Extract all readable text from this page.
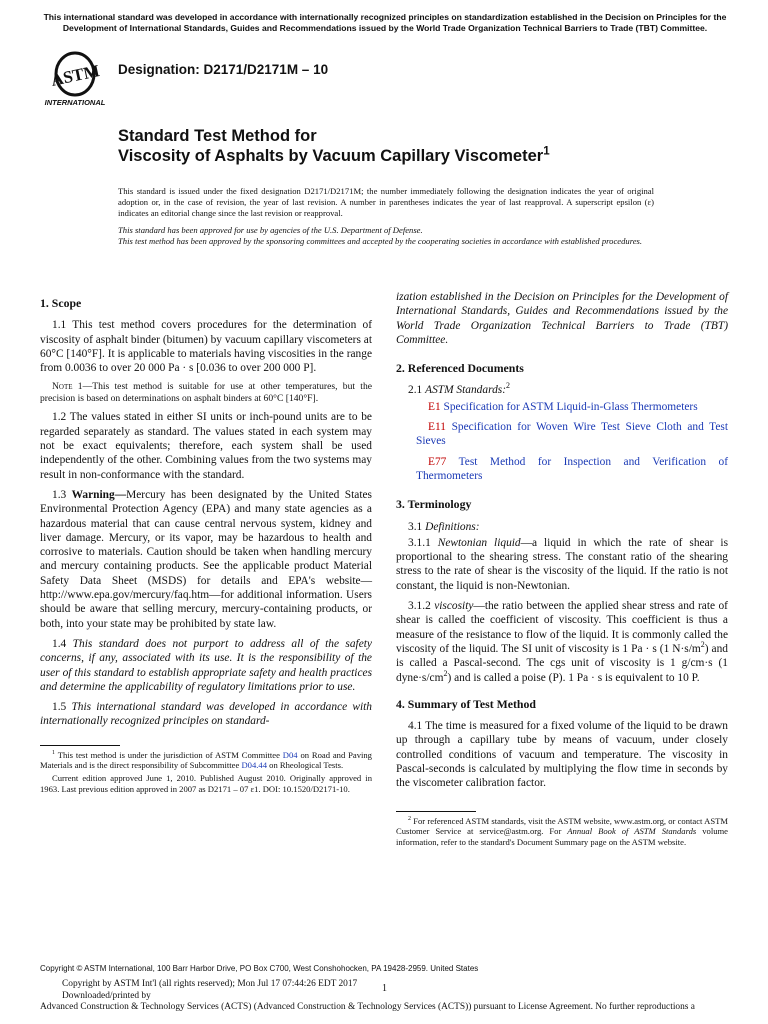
This international standard was developed in accordance with internationally recognized principles on standardization established in the Decision on Principles for the Development of International Standards, Guides and Recommendations issued by the World Trade Organization Technical Barriers to Trade (TBT) Committee.
ASTM
INTERNATIONAL
Designation: D2171/D2171M – 10
Standard Test Method for
Viscosity of Asphalts by Vacuum Capillary Viscometer$^1$

This standard is issued under the fixed designation D2171/D2171M; the number immediately following the designation indicates the year of original adoption or, in the case of revision, the year of last revision. A number in parentheses indicates the year of last reapproval. A superscript epsilon (ε) indicates an editorial change since the last revision or reapproval.

This standard has been approved for use by agencies of the U.S. Department of Defense.

This test method has been approved by the sponsoring committees and accepted by the cooperating societies in accordance with established procedures.

1. Scope

1.1 This test method covers procedures for the determination of viscosity of asphalt binder (bitumen) by vacuum capillary viscometers at 60°C [140°F]. It is applicable to materials having viscosities in the range from 0.0036 to over 20 000 Pa · s [0.036 to over 200 000 P].

Note 1—This test method is suitable for use at other temperatures, but the precision is based on determinations on asphalt binders at 60°C [140°F].

1.2 The values stated in either SI units or inch-pound units are to be regarded separately as standard. The values stated in each system may not be exact equivalents; therefore, each system shall be used independently of the other. Combining values from the two systems may result in non-conformance with the standard.

1.3 Warning—Mercury has been designated by the United States Environmental Protection Agency (EPA) and many state agencies as a hazardous material that can cause central nervous system, kidney and liver damage. Mercury, or its vapor, may be hazardous to health and corrosive to materials. Caution should be taken when handling mercury and mercury containing products. See the applicable product Material Safety Data Sheet (MSDS) for details and EPA's website—http://www.epa.gov/mercury/faq.htm—for additional information. Users should be aware that selling mercury, mercury-containing products, or both, into your state may be prohibited by state law.

1.4 This standard does not purport to address all of the safety concerns, if any, associated with its use. It is the responsibility of the user of this standard to establish appropriate safety and health practices and determine the applicability of regulatory limitations prior to use.

1.5 This international standard was developed in accordance with internationally recognized principles on standard-

$^1$ This test method is under the jurisdiction of ASTM Committee D04 on Road and Paving Materials and is the direct responsibility of Subcommittee D04.44 on Rheological Tests.

Current edition approved June 1, 2010. Published August 2010. Originally approved in 1963. Last previous edition approved in 2007 as D2171 – 07 ε1. DOI: 10.1520/D2171-10.

ization established in the Decision on Principles for the Development of International Standards, Guides and Recommendations issued by the World Trade Organization Technical Barriers to Trade (TBT) Committee.

2. Referenced Documents

2.1 ASTM Standards:$^2$

E1 Specification for ASTM Liquid-in-Glass Thermometers

E11 Specification for Woven Wire Test Sieve Cloth and Test Sieves

E77 Test Method for Inspection and Verification of Thermometers

3. Terminology

3.1 Definitions:

3.1.1 Newtonian liquid—a liquid in which the rate of shear is proportional to the shearing stress. The constant ratio of the shearing stress to the rate of shear is the viscosity of the liquid. If the ratio is not constant, the liquid is non-Newtonian.

3.1.2 viscosity—the ratio between the applied shear stress and rate of shear is called the coefficient of viscosity. This coefficient is thus a measure of the resistance to flow of the liquid. It is commonly called the viscosity of the liquid. The SI unit of viscosity is 1 Pa · s (1 $N\cdot s/m^2$) and is called a Pascal-second. The cgs unit of viscosity is 1 g/cm·s (1 $dyne\cdot s/cm^2$) and is called a poise (P). 1 Pa · s is equivalent to 10 P.

4. Summary of Test Method

4.1 The time is measured for a fixed volume of the liquid to be drawn up through a capillary tube by means of vacuum, under closely controlled conditions of vacuum and temperature. The viscosity in Pascal-seconds is calculated by multiplying the flow time in seconds by the viscometer calibration factor.

$^2$ For referenced ASTM standards, visit the ASTM website, www.astm.org, or contact ASTM Customer Service at service@astm.org. For Annual Book of ASTM Standards volume information, refer to the standard's Document Summary page on the ASTM website.

Copyright © ASTM International, 100 Barr Harbor Drive, PO Box C700, West Conshohocken, PA 19428-2959. United States
Copyright by ASTM Int'l (all rights reserved); Mon Jul 17 07:44:26 EDT 2017
Downloaded/printed by
Advanced Construction & Technology Services (ACTS) (Advanced Construction & Technology Services (ACTS)) pursuant to License Agreement. No further reproductions a
1
